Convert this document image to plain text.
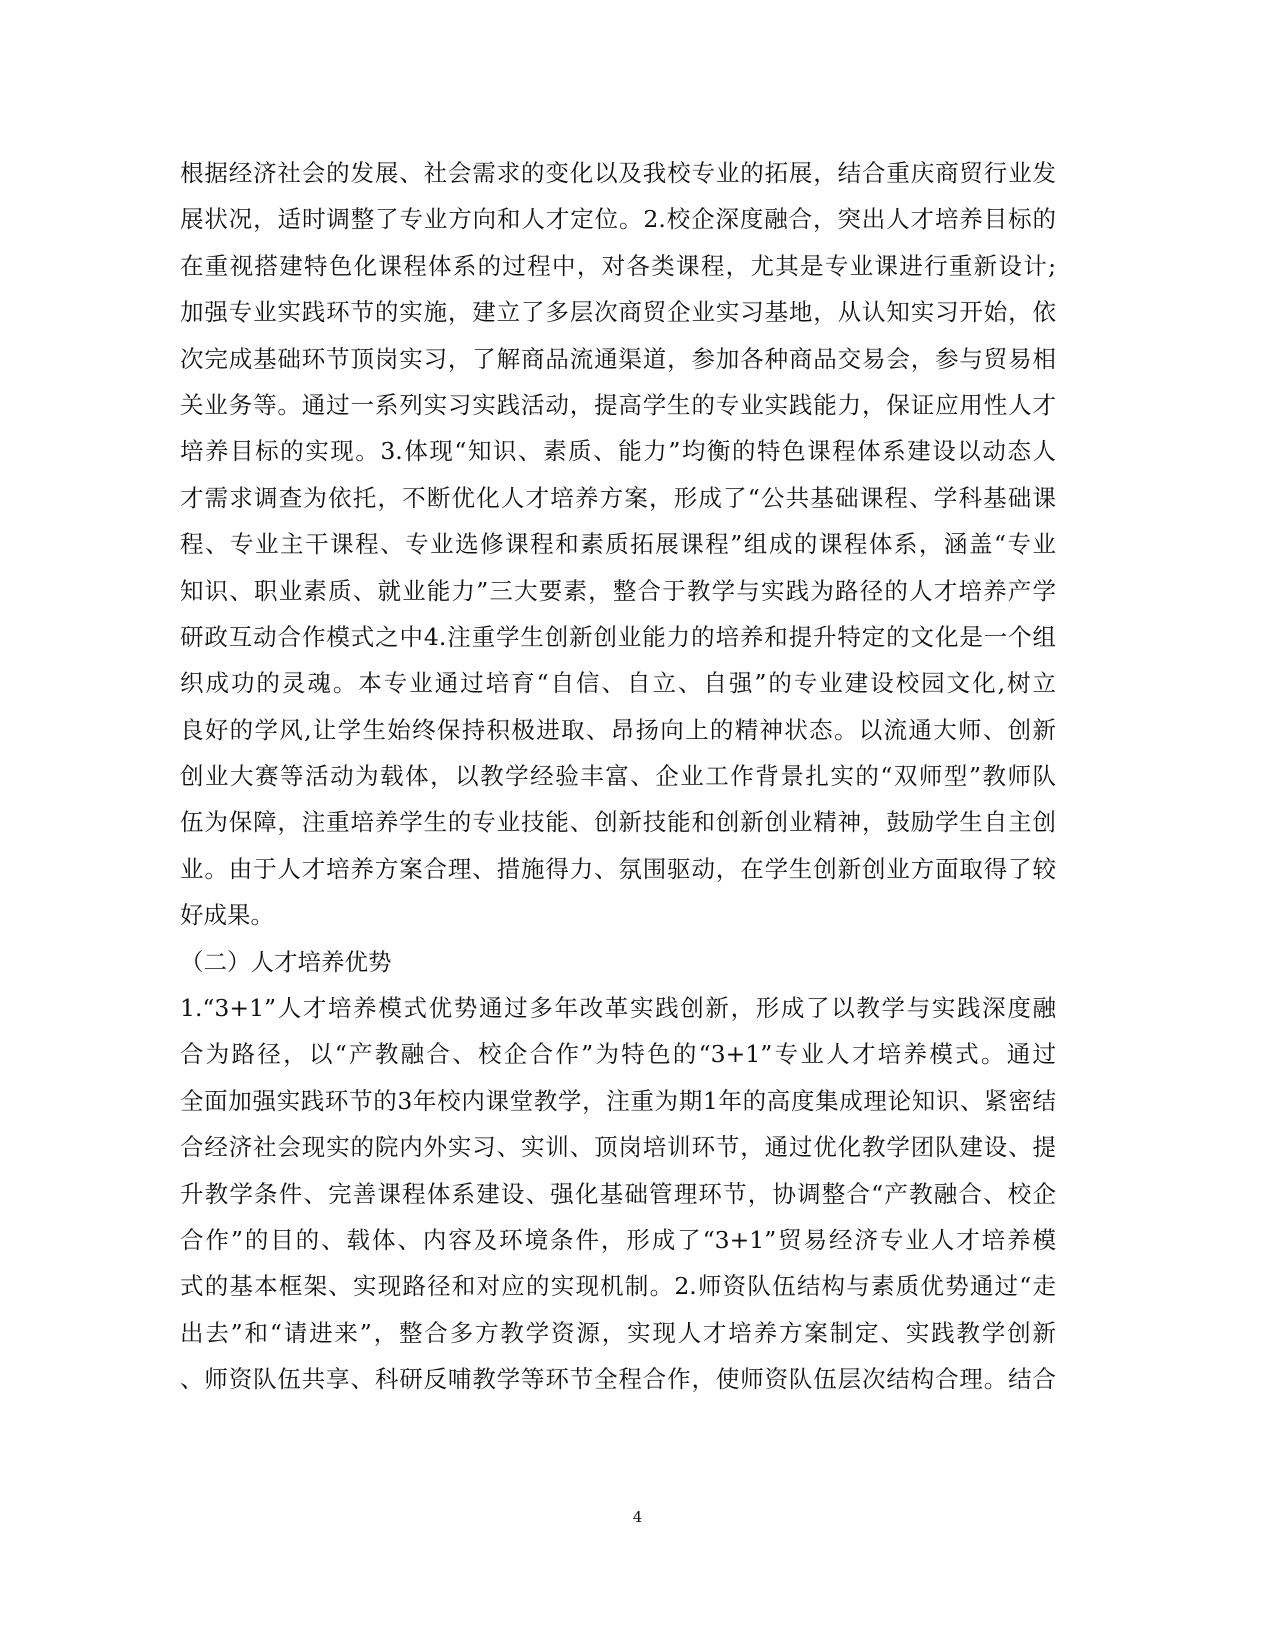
根据经济社会的发展、社会需求的变化以及我校专业的拓展，结合重庆商贸行业发
展状况，适时调整了专业方向和人才定位。2.校企深度融合，突出人才培养目标的
在重视搭建特色化课程体系的过程中，对各类课程，尤其是专业课进行重新设计;
加强专业实践环节的实施，建立了多层次商贸企业实习基地，从认知实习开始，依
次完成基础环节顶岗实习，了解商品流通渠道，参加各种商品交易会，参与贸易相
关业务等。通过一系列实习实践活动，提高学生的专业实践能力，保证应用性人才
培养目标的实现。3.体现“知识、素质、能力”均衡的特色课程体系建设以动态人
才需求调查为依托，不断优化人才培养方案，形成了“公共基础课程、学科基础课
程、专业主干课程、专业选修课程和素质拓展课程”组成的课程体系，涵盖“专业
知识、职业素质、就业能力”三大要素，整合于教学与实践为路径的人才培养产学
研政互动合作模式之中4.注重学生创新创业能力的培养和提升特定的文化是一个组
织成功的灵魂。本专业通过培育“自信、自立、自强”的专业建设校园文化,树立
良好的学风,让学生始终保持积极进取、昂扬向上的精神状态。以流通大师、创新
创业大赛等活动为载体，以教学经验丰富、企业工作背景扎实的“双师型”教师队
伍为保障，注重培养学生的专业技能、创新技能和创新创业精神，鼓励学生自主创
业。由于人才培养方案合理、措施得力、氛围驱动，在学生创新创业方面取得了较
好成果。
（二）人才培养优势
1.“3+1”人才培养模式优势通过多年改革实践创新，形成了以教学与实践深度融
合为路径，以“产教融合、校企合作”为特色的“3+1”专业人才培养模式。通过
全面加强实践环节的3年校内课堂教学，注重为期1年的高度集成理论知识、紧密结
合经济社会现实的院内外实习、实训、顶岗培训环节，通过优化教学团队建设、提
升教学条件、完善课程体系建设、强化基础管理环节，协调整合“产教融合、校企
合作”的目的、载体、内容及环境条件，形成了“3+1”贸易经济专业人才培养模
式的基本框架、实现路径和对应的实现机制。2.师资队伍结构与素质优势通过“走
出去”和“请进来”，整合多方教学资源，实现人才培养方案制定、实践教学创新
、师资队伍共享、科研反哺教学等环节全程合作，使师资队伍层次结构合理。结合
4
